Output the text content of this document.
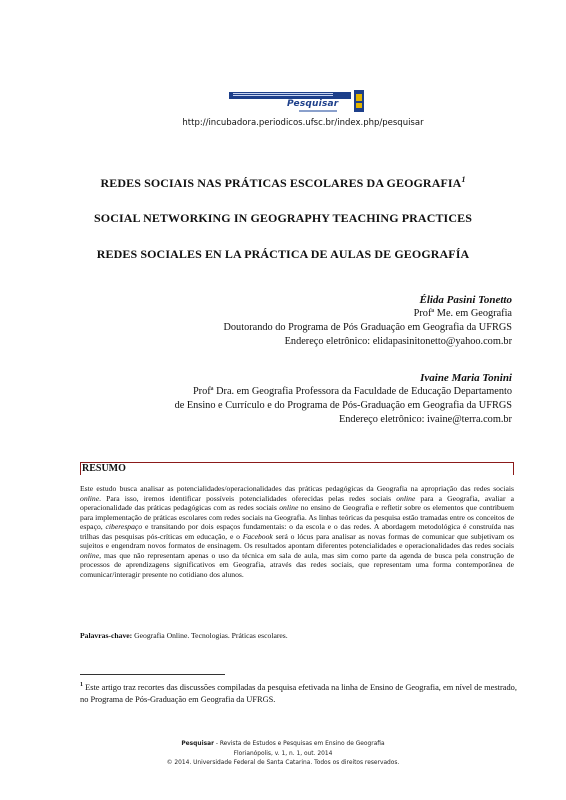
Pesquisar
http://incubadora.periodicos.ufsc.br/index.php/pesquisar
REDES SOCIAIS NAS PRÁTICAS ESCOLARES DA GEOGRAFIA$^1$
SOCIAL NETWORKING IN GEOGRAPHY TEACHING PRACTICES
REDES SOCIALES EN LA PRÁCTICA DE AULAS DE GEOGRAFÍA
Élida Pasini Tonetto
Profª Me. em Geografia
Doutorando do Programa de Pós Graduação em Geografia da UFRGS
Endereço eletrônico: elidapasinitonetto@yahoo.com.br
Ivaine Maria Tonini
Profª Dra. em Geografia Professora da Faculdade de Educação Departamento
de Ensino e Currículo e do Programa de Pós-Graduação em Geografia da UFRGS
Endereço eletrônico: ivaine@terra.com.br
RESUMO
Este estudo busca analisar as potencialidades/operacionalidades das práticas pedagógicas da Geografia na apropriação das redes sociais online. Para isso, iremos identificar possíveis potencialidades oferecidas pelas redes sociais online para a Geografia, avaliar a operacionalidade das práticas pedagógicas com as redes sociais online no ensino de Geografia e refletir sobre os elementos que contribuem para implementação de práticas escolares com redes sociais na Geografia. As linhas teóricas da pesquisa estão tramadas entre os conceitos de espaço, ciberespaço e transitando por dois espaços fundamentais: o da escola e o das redes. A abordagem metodológica é construída nas trilhas das pesquisas pós-críticas em educação, e o Facebook será o lócus para analisar as novas formas de comunicar que subjetivam os sujeitos e engendram novos formatos de ensinagem. Os resultados apontam diferentes potencialidades e operacionalidades das redes sociais online, mas que não representam apenas o uso da técnica em sala de aula, mas sim como parte da agenda de busca pela construção de processos de aprendizagens significativos em Geografia, através das redes sociais, que representam uma forma contemporânea de comunicar/interagir presente no cotidiano dos alunos.
Palavras-chave: Geografia Online. Tecnologias. Práticas escolares.
$^1$ Este artigo traz recortes das discussões compiladas da pesquisa efetivada na linha de Ensino de Geografia, em nível de mestrado, no Programa de Pós-Graduação em Geografia da UFRGS.
Pesquisar - Revista de Estudos e Pesquisas em Ensino de Geografia
Florianópolis, v. 1, n. 1, out. 2014
© 2014. Universidade Federal de Santa Catarina. Todos os direitos reservados.
